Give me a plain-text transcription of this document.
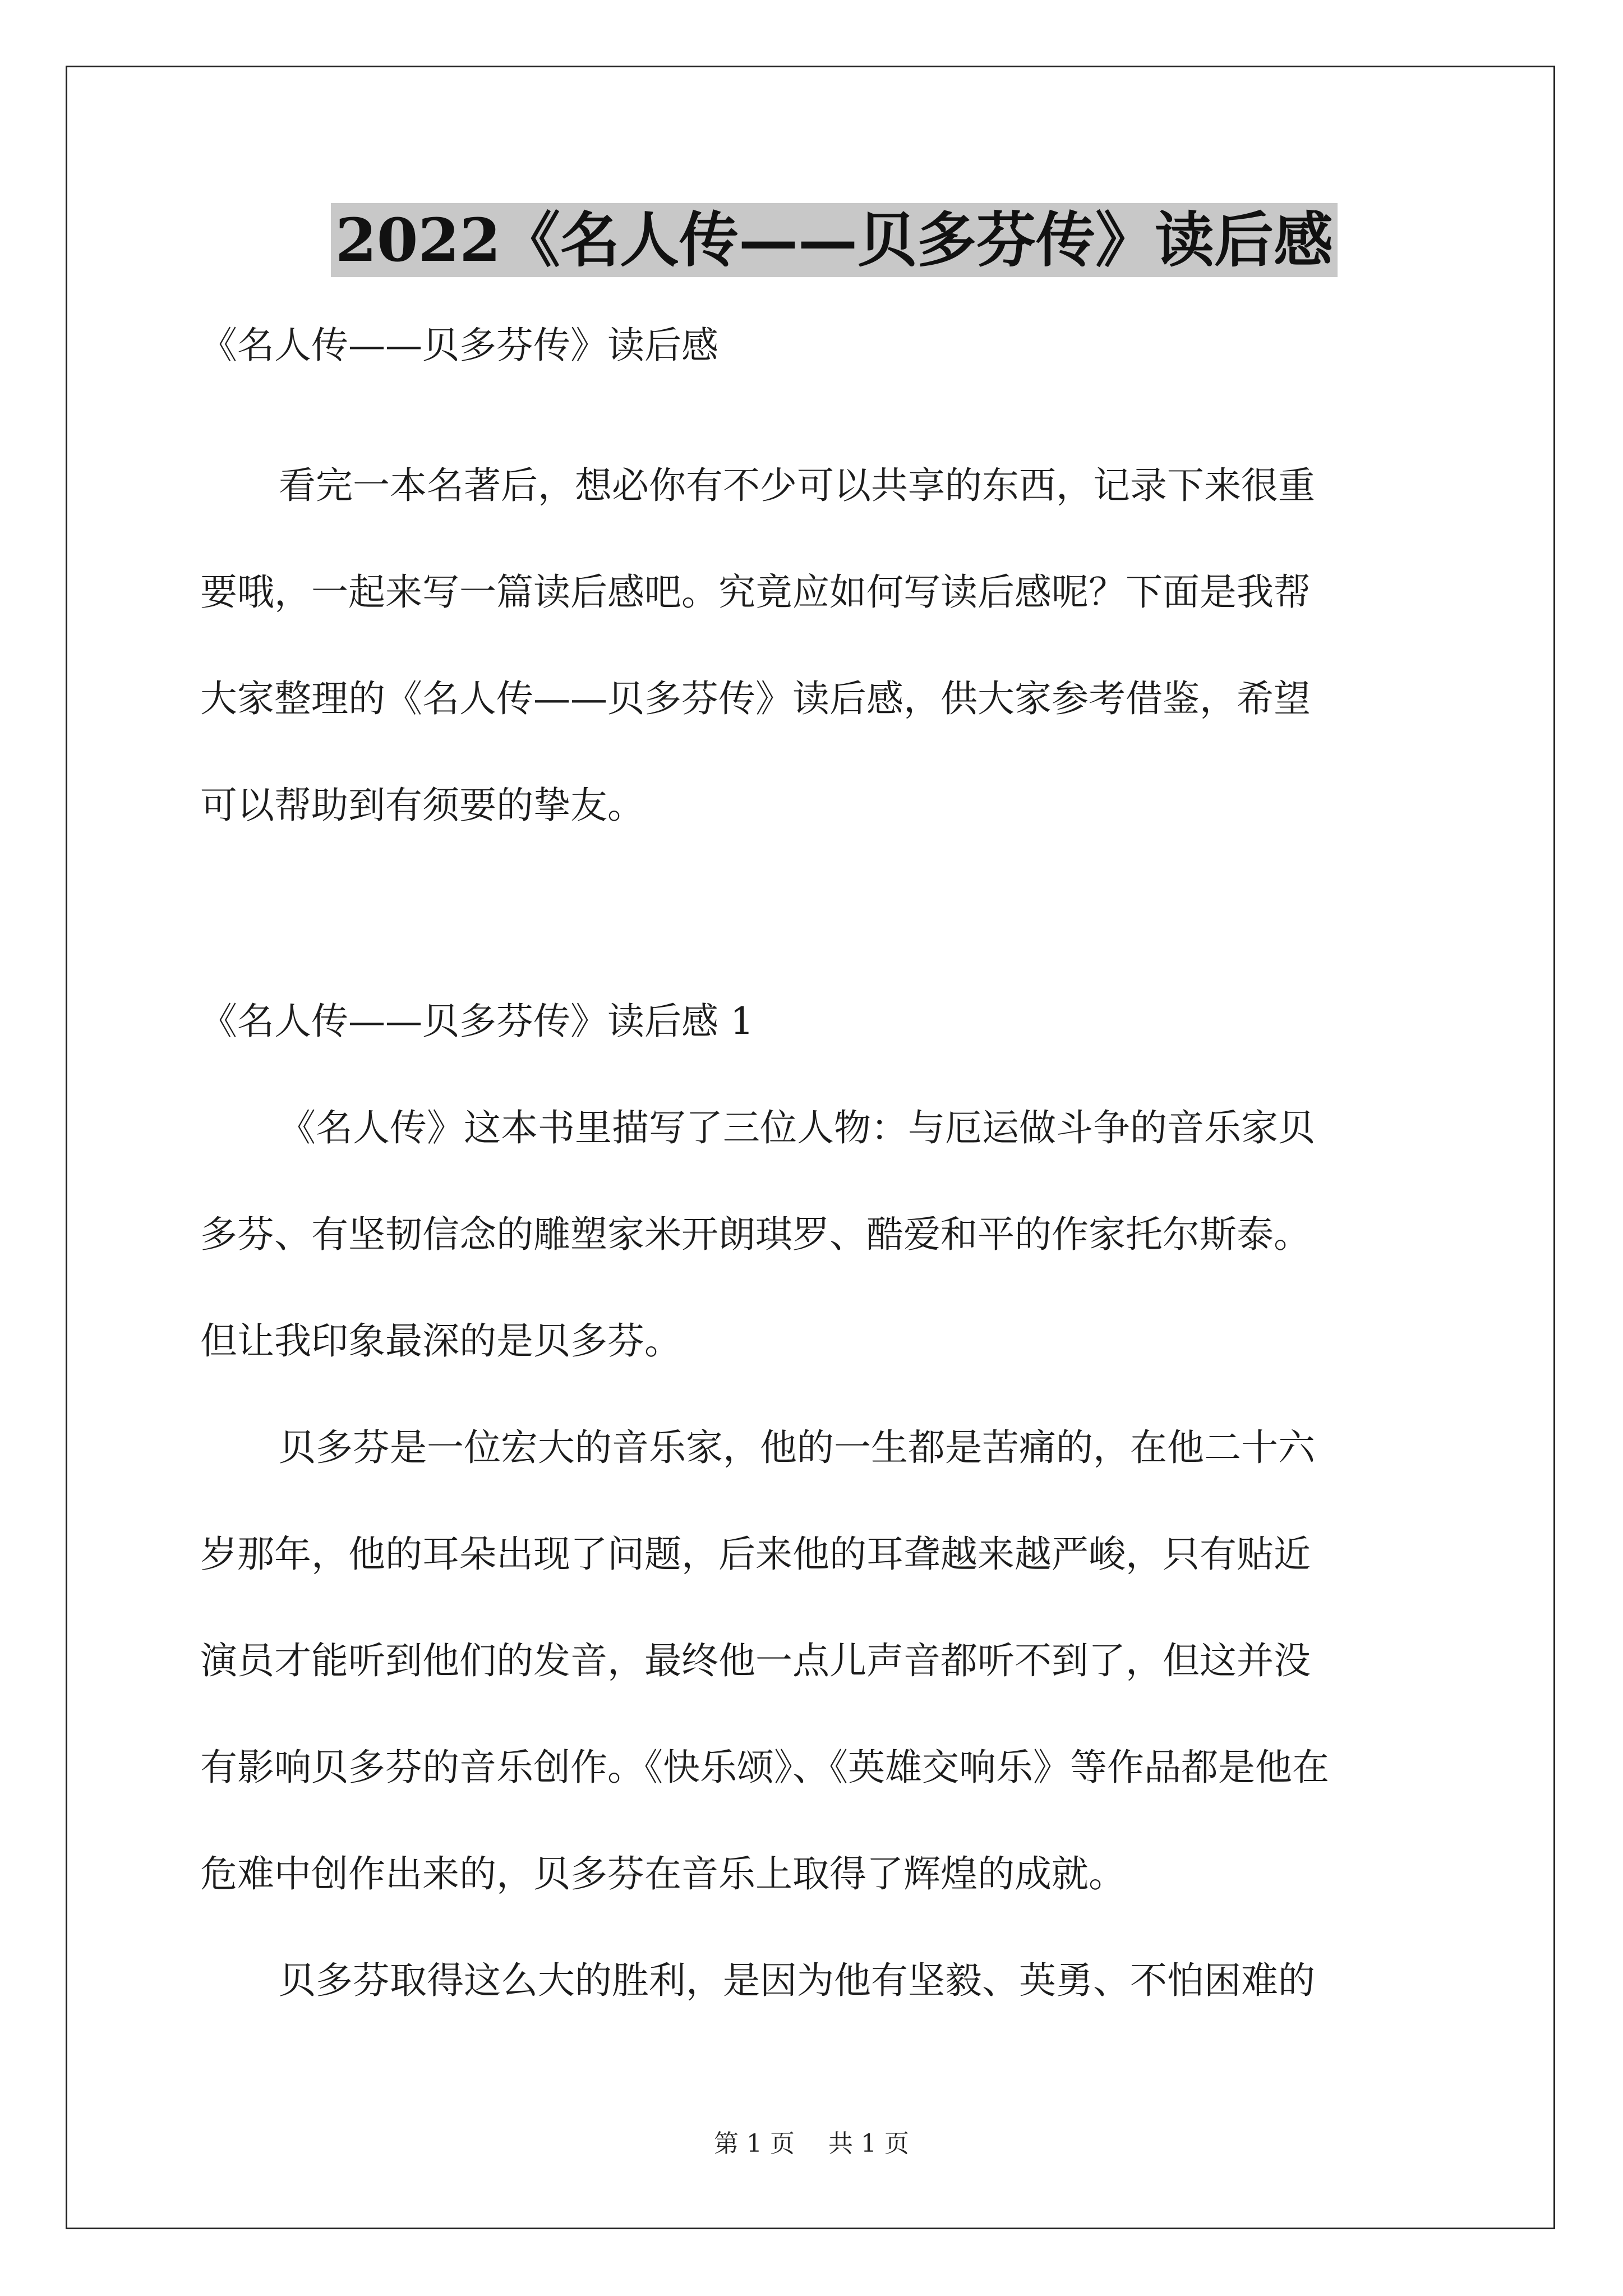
2022《名人传——贝多芬传》读后感
《名人传——贝多芬传》读后感
看完一本名著后，想必你有不少可以共享的东西，记录下来很重
要哦，一起来写一篇读后感吧。究竟应如何写读后感呢？下面是我帮
大家整理的《名人传——贝多芬传》读后感，供大家参考借鉴，希望
可以帮助到有须要的挚友。
《名人传——贝多芬传》读后感 1
《名人传》这本书里描写了三位人物：与厄运做斗争的音乐家贝
多芬、有坚韧信念的雕塑家米开朗琪罗、酷爱和平的作家托尔斯泰。
但让我印象最深的是贝多芬。
贝多芬是一位宏大的音乐家，他的一生都是苦痛的，在他二十六
岁那年，他的耳朵出现了问题，后来他的耳聋越来越严峻，只有贴近
演员才能听到他们的发音，最终他一点儿声音都听不到了，但这并没
有影响贝多芬的音乐创作。《快乐颂》、《英雄交响乐》等作品都是他在
危难中创作出来的，贝多芬在音乐上取得了辉煌的成就。
贝多芬取得这么大的胜利，是因为他有坚毅、英勇、不怕困难的
第 1 页 共 1 页
